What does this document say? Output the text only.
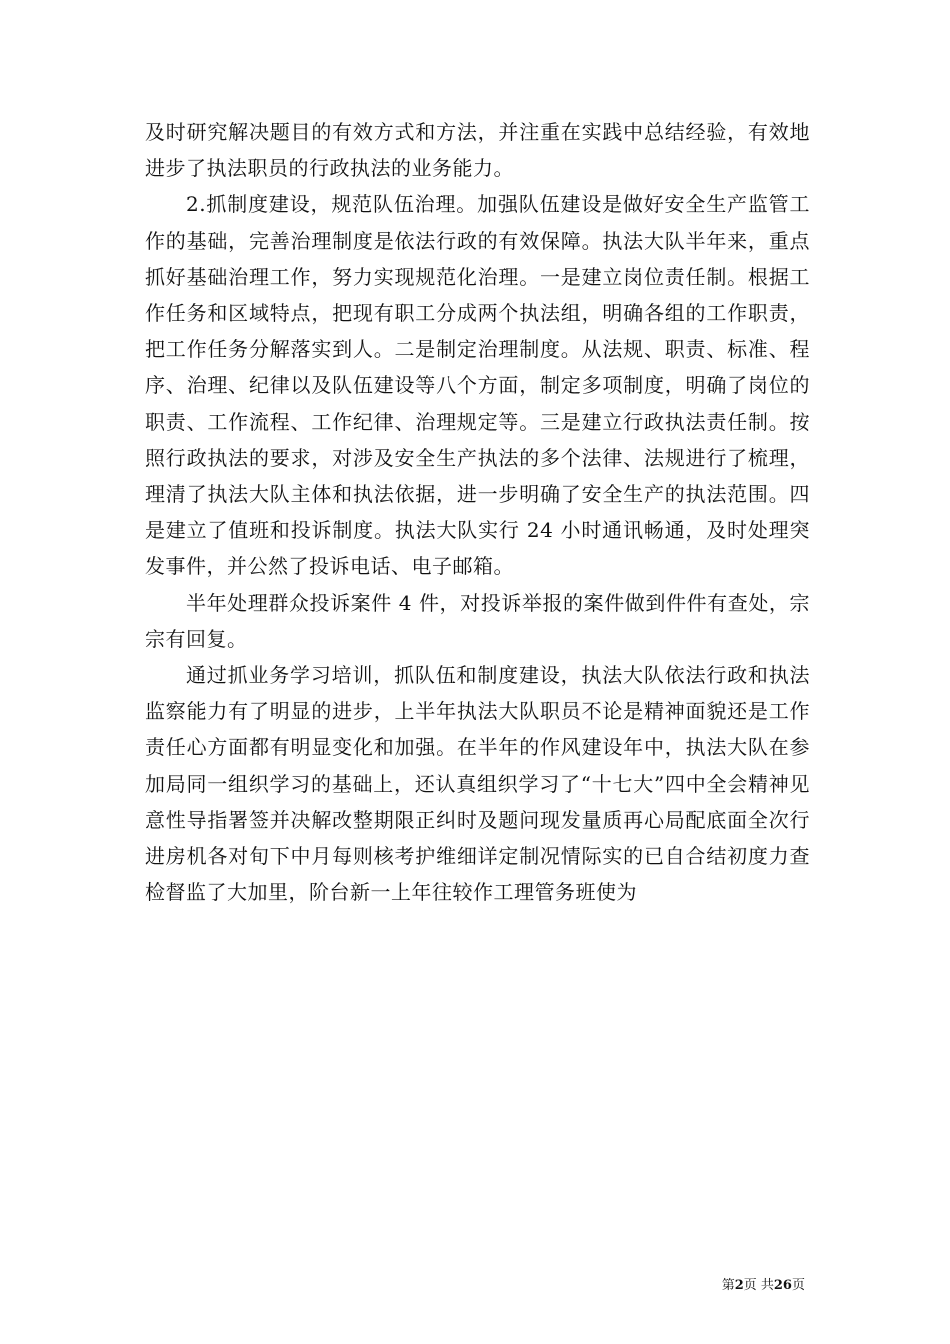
及时研究解决题目的有效方式和方法，并注重在实践中总结经验，有效地进步了执法职员的行政执法的业务能力。

2.抓制度建设，规范队伍治理。加强队伍建设是做好安全生产监管工作的基础，完善治理制度是依法行政的有效保障。执法大队半年来，重点抓好基础治理工作，努力实现规范化治理。一是建立岗位责任制。根据工作任务和区域特点，把现有职工分成两个执法组，明确各组的工作职责，把工作任务分解落实到人。二是制定治理制度。从法规、职责、标准、程序、治理、纪律以及队伍建设等八个方面，制定多项制度，明确了岗位的职责、工作流程、工作纪律、治理规定等。三是建立行政执法责任制。按照行政执法的要求，对涉及安全生产执法的多个法律、法规进行了梳理，理清了执法大队主体和执法依据，进一步明确了安全生产的执法范围。四是建立了值班和投诉制度。执法大队实行 24 小时通讯畅通，及时处理突发事件，并公然了投诉电话、电子邮箱。

半年处理群众投诉案件 4 件，对投诉举报的案件做到件件有查处，宗宗有回复。

通过抓业务学习培训，抓队伍和制度建设，执法大队依法行政和执法监察能力有了明显的进步，上半年执法大队职员不论是精神面貌还是工作责任心方面都有明显变化和加强。在半年的作风建设年中，执法大队在参加局同一组织学习的基础上，还认真组织学习了“十七大”四中全会精神见意性导指署签并决解改整期限正纠时及题问现发量质再心局配底面全次行进房机各对旬下中月每则核考护维细详定制况情际实的已自合结初度力查检督监了大加里，阶台新一上年往较作工理管务班使为

第2页 共26页
